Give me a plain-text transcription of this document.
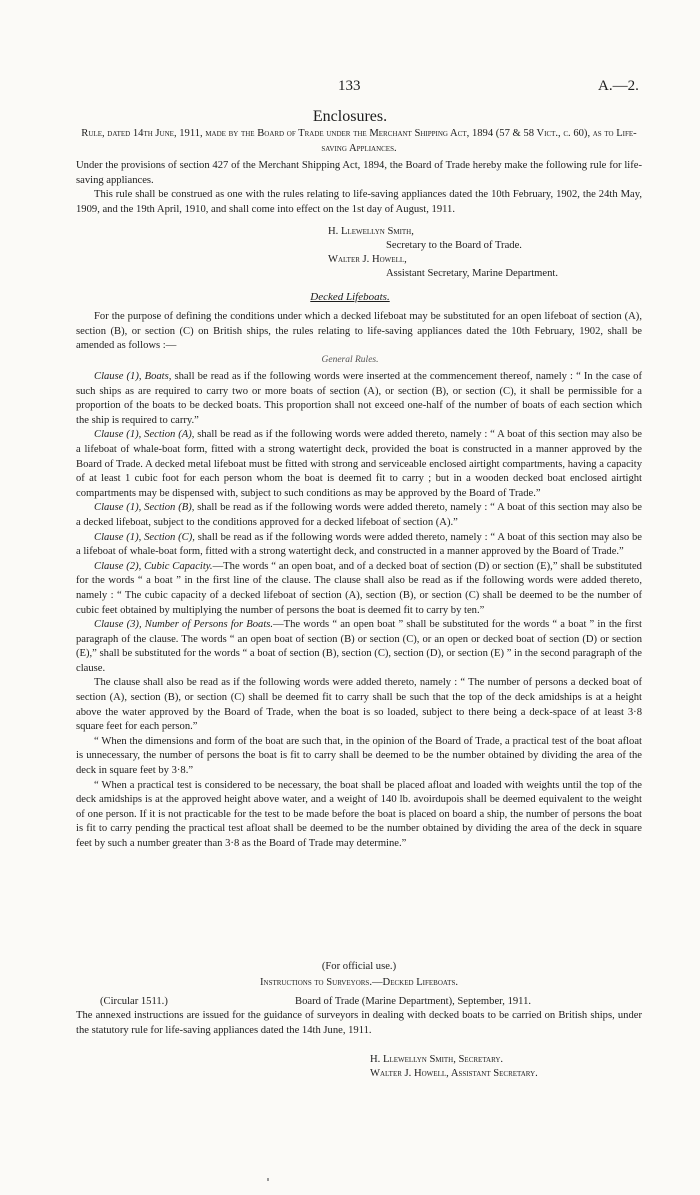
133	A.—2.
Enclosures.

Rule, dated 14th June, 1911, made by the Board of Trade under the Merchant Shipping Act, 1894 (57 & 58 Vict., c. 60), as to Life-saving Appliances.

Under the provisions of section 427 of the Merchant Shipping Act, 1894, the Board of Trade hereby make the following rule for life-saving appliances.

This rule shall be construed as one with the rules relating to life-saving appliances dated the 10th February, 1902, the 24th May, 1909, and the 19th April, 1910, and shall come into effect on the 1st day of August, 1911.

H. Llewellyn Smith,
Secretary to the Board of Trade.
Walter J. Howell,
Assistant Secretary, Marine Department.
Decked Lifeboats.

For the purpose of defining the conditions under which a decked lifeboat may be substituted for an open lifeboat of section (A), section (B), or section (C) on British ships, the rules relating to life-saving appliances dated the 10th February, 1902, shall be amended as follows :—

General Rules.

Clause (1), Boats, shall be read as if the following words were inserted at the commencement thereof, namely : “ In the case of such ships as are required to carry two or more boats of section (A), or section (B), or section (C), it shall be permissible for a proportion of the boats to be decked boats. This proportion shall not exceed one-half of the number of boats of each section which the ship is required to carry.”

Clause (1), Section (A), shall be read as if the following words were added thereto, namely : “ A boat of this section may also be a lifeboat of whale-boat form, fitted with a strong watertight deck, provided the boat is constructed in a manner approved by the Board of Trade. A decked metal lifeboat must be fitted with strong and serviceable enclosed airtight compartments, having a capacity of at least 1 cubic foot for each person whom the boat is deemed fit to carry ; but in a wooden decked boat enclosed airtight compartments may be dispensed with, subject to such conditions as may be approved by the Board of Trade.”

Clause (1), Section (B), shall be read as if the following words were added thereto, namely : “ A boat of this section may also be a decked lifeboat, subject to the conditions approved for a decked lifeboat of section (A).”

Clause (1), Section (C), shall be read as if the following words were added thereto, namely : “ A boat of this section may also be a lifeboat of whale-boat form, fitted with a strong watertight deck, and constructed in a manner approved by the Board of Trade.”

Clause (2), Cubic Capacity.—The words “ an open boat, and of a decked boat of section (D) or section (E),” shall be substituted for the words “ a boat ” in the first line of the clause. The clause shall also be read as if the following words were added thereto, namely : “ The cubic capacity of a decked lifeboat of section (A), section (B), or section (C) shall be deemed to be the number of cubic feet obtained by multiplying the number of persons the boat is deemed fit to carry by ten.”

Clause (3), Number of Persons for Boats.—The words “ an open boat ” shall be substituted for the words “ a boat ” in the first paragraph of the clause. The words “ an open boat of section (B) or section (C), or an open or decked boat of section (D) or section (E),” shall be substituted for the words “ a boat of section (B), section (C), section (D), or section (E) ” in the second paragraph of the clause.

The clause shall also be read as if the following words were added thereto, namely : “ The number of persons a decked boat of section (A), section (B), or section (C) shall be deemed fit to carry shall be such that the top of the deck amidships is at a height above the water approved by the Board of Trade, when the boat is so loaded, subject to there being a deck-space of at least 3·8 square feet for each person.”

“ When the dimensions and form of the boat are such that, in the opinion of the Board of Trade, a practical test of the boat afloat is unnecessary, the number of persons the boat is fit to carry shall be deemed to be the number obtained by dividing the area of the deck in square feet by 3·8.”

“ When a practical test is considered to be necessary, the boat shall be placed afloat and loaded with weights until the top of the deck amidships is at the approved height above water, and a weight of 140 lb. avoirdupois shall be deemed equivalent to the weight of one person. If it is not practicable for the test to be made before the boat is placed on board a ship, the number of persons the boat is fit to carry pending the practical test afloat shall be deemed to be the number obtained by dividing the area of the deck in square feet by such a number greater than 3·8 as the Board of Trade may determine.”

(For official use.)
Instructions to Surveyors.—Decked Lifeboats.
(Circular 1511.)	Board of Trade (Marine Department), September, 1911.

The annexed instructions are issued for the guidance of surveyors in dealing with decked boats to be carried on British ships, under the statutory rule for life-saving appliances dated the 14th June, 1911.

H. Llewellyn Smith, Secretary.
Walter J. Howell, Assistant Secretary.
